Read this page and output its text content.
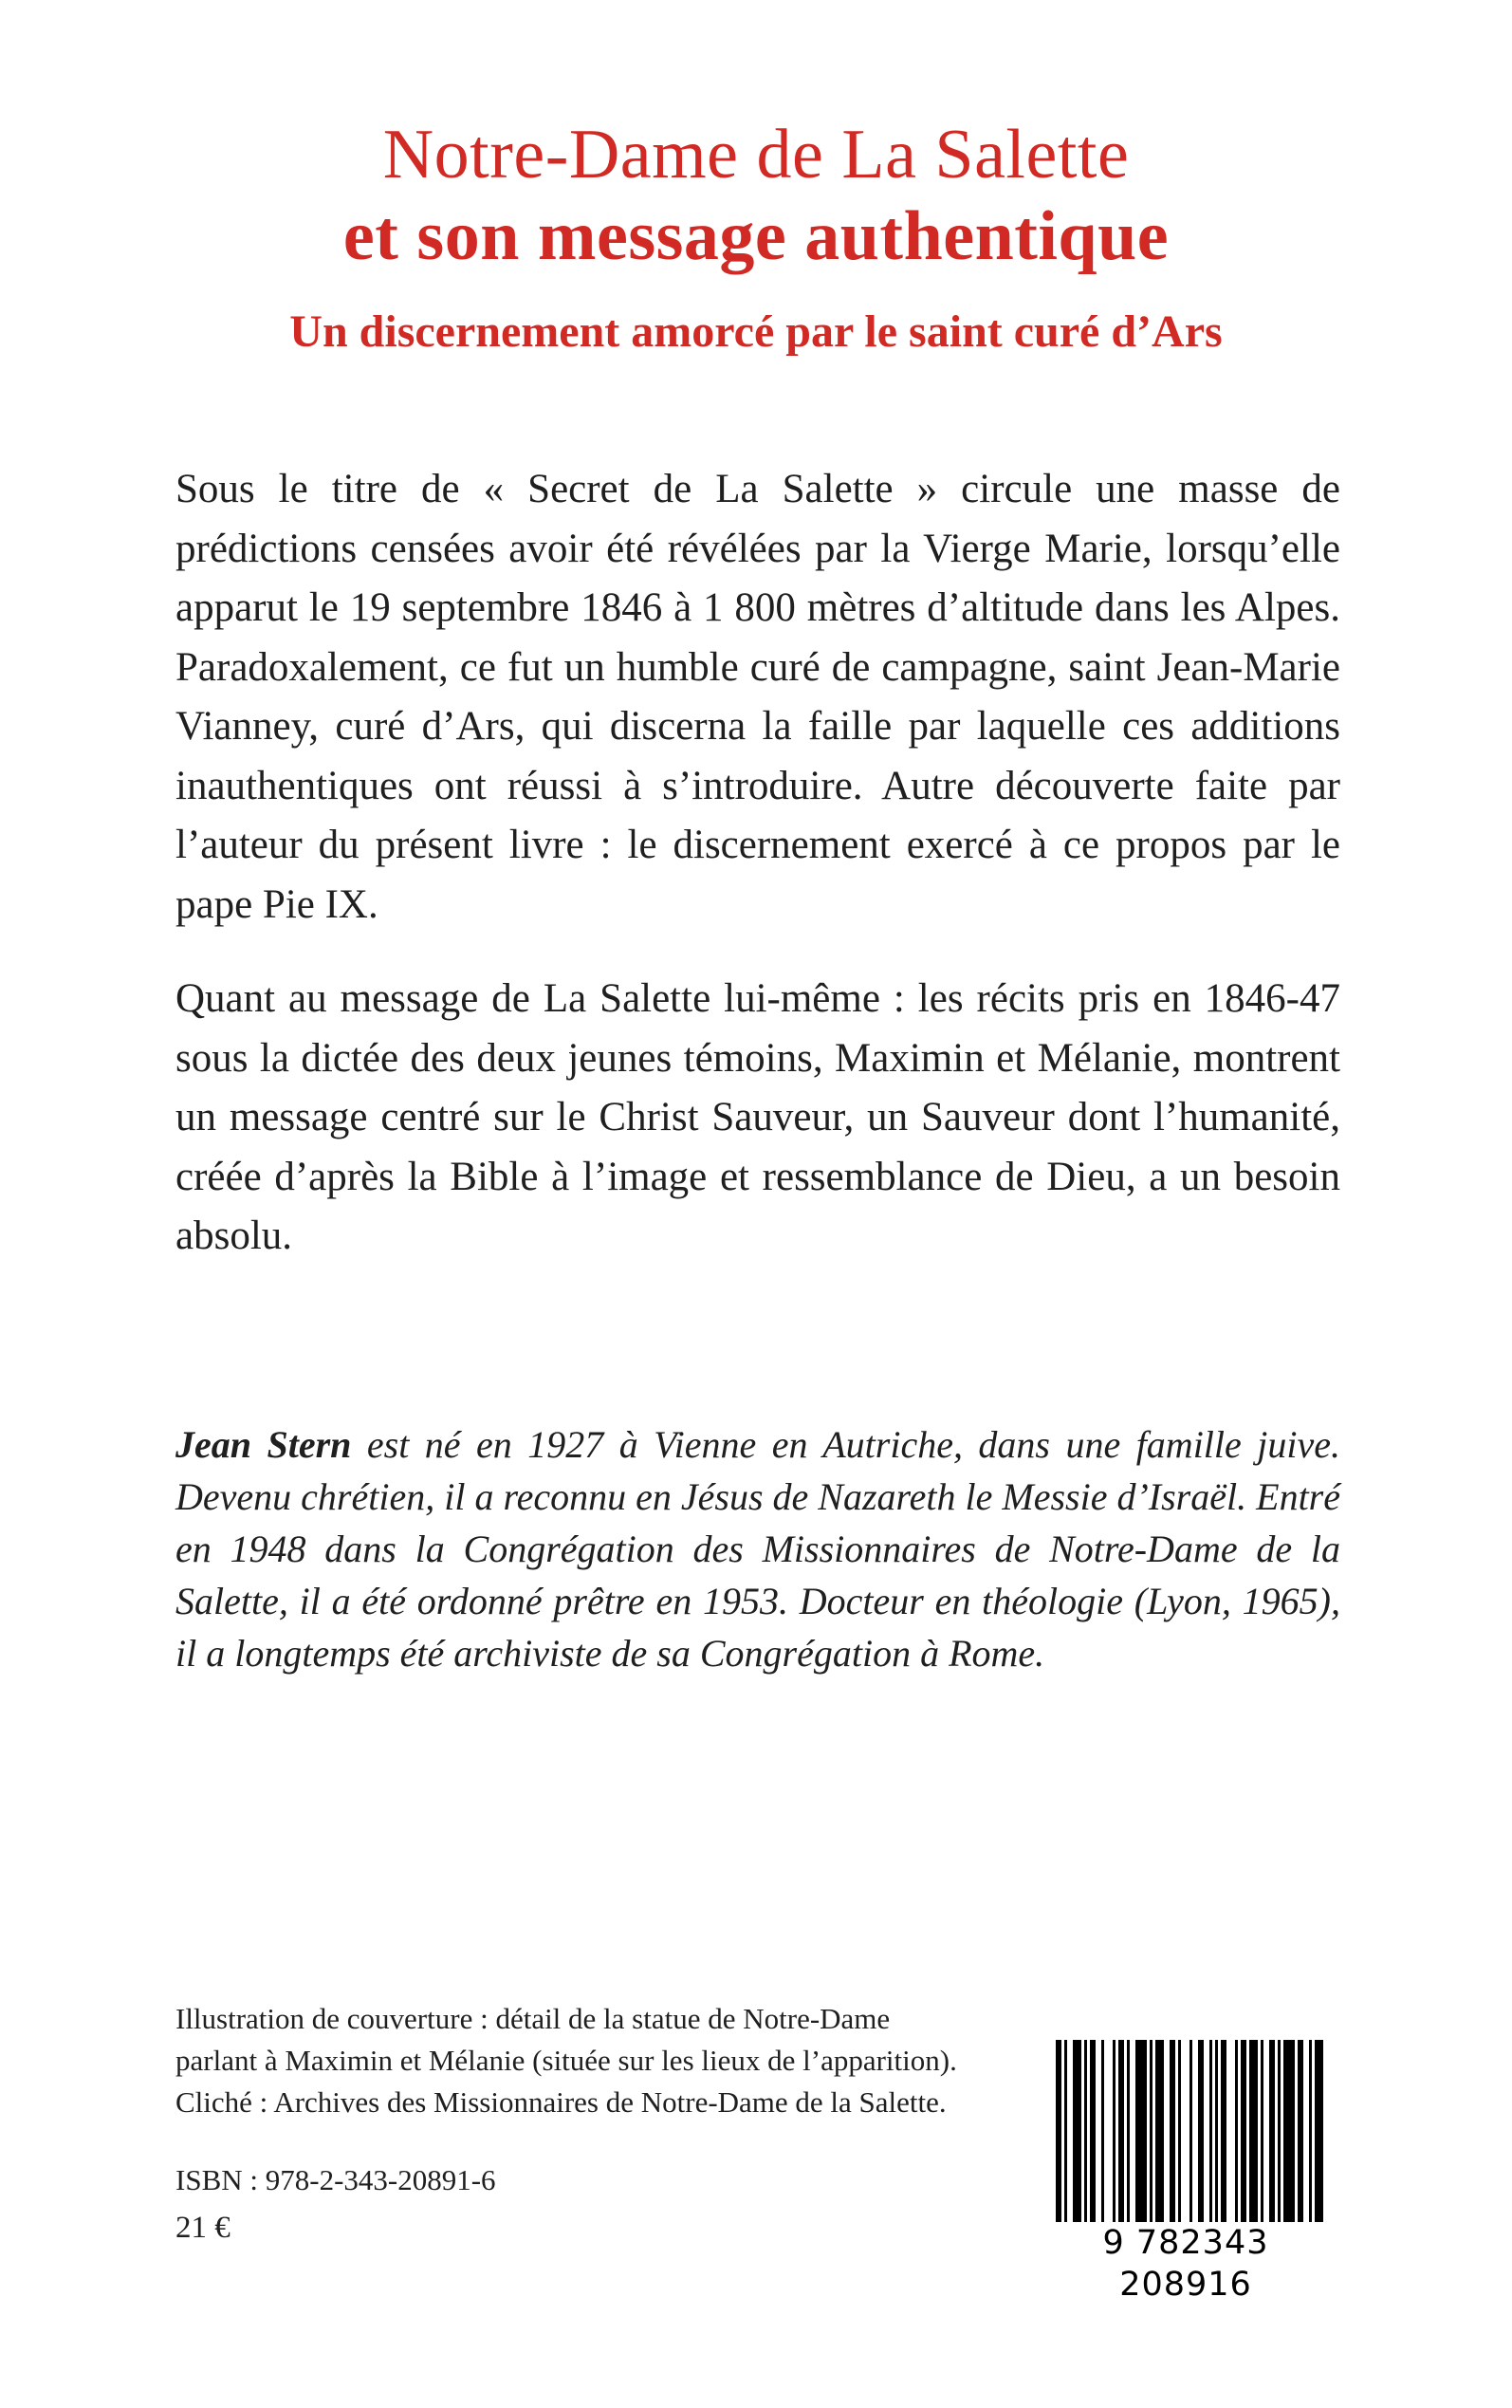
Notre-Dame de La Salette
et son message authentique
Un discernement amorcé par le saint curé d’Ars
Sous le titre de « Secret de La Salette » circule une masse de prédictions censées avoir été révélées par la Vierge Marie, lorsqu’elle apparut le 19 septembre 1846 à 1 800 mètres d’altitude dans les Alpes. Paradoxalement, ce fut un humble curé de campagne, saint Jean-Marie Vianney, curé d’Ars, qui discerna la faille par laquelle ces additions inauthentiques ont réussi à s’introduire. Autre découverte faite par l’auteur du présent livre : le discernement exercé à ce propos par le pape Pie IX.
Quant au message de La Salette lui-même : les récits pris en 1846-47 sous la dictée des deux jeunes témoins, Maximin et Mélanie, montrent un message centré sur le Christ Sauveur, un Sauveur dont l’humanité, créée d’après la Bible à l’image et ressemblance de Dieu, a un besoin absolu.
Jean Stern est né en 1927 à Vienne en Autriche, dans une famille juive. Devenu chrétien, il a reconnu en Jésus de Nazareth le Messie d’Israël. Entré en 1948 dans la Congrégation des Missionnaires de Notre-Dame de la Salette, il a été ordonné prêtre en 1953. Docteur en théologie (Lyon, 1965), il a longtemps été archiviste de sa Congrégation à Rome.
Illustration de couverture : détail de la statue de Notre-Dame
parlant à Maximin et Mélanie (située sur les lieux de l’apparition).
Cliché : Archives des Missionnaires de Notre-Dame de la Salette.
ISBN : 978-2-343-20891-6
21 €	9 782343 208916
